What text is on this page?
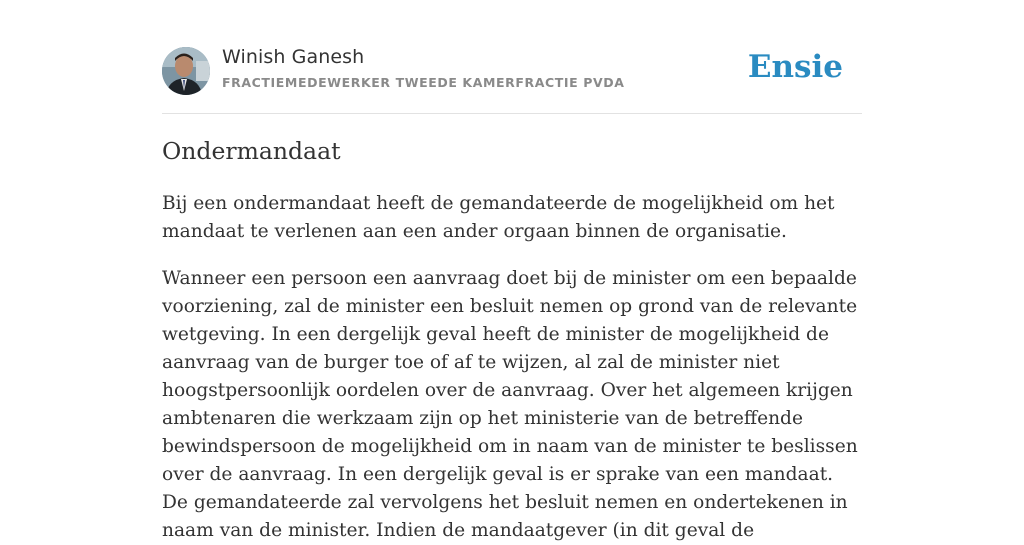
Winish Ganesh
FRACTIEMEDEWERKER TWEEDE KAMERFRACTIE PVDA	Ensie
Ondermandaat

Bij een ondermandaat heeft de gemandateerde de mogelijkheid om het mandaat te verlenen aan een ander orgaan binnen de organisatie.

Wanneer een persoon een aanvraag doet bij de minister om een bepaalde voorziening, zal de minister een besluit nemen op grond van de relevante wetgeving. In een dergelijk geval heeft de minister de mogelijkheid de aanvraag van de burger toe of af te wijzen, al zal de minister niet hoogstpersoonlijk oordelen over de aanvraag. Over het algemeen krijgen ambtenaren die werkzaam zijn op het ministerie van de betreffende bewindspersoon de mogelijkheid om in naam van de minister te beslissen over de aanvraag. In een dergelijk geval is er sprake van een mandaat. De gemandateerde zal vervolgens het besluit nemen en ondertekenen in naam van de minister. Indien de mandaatgever (in dit geval de
